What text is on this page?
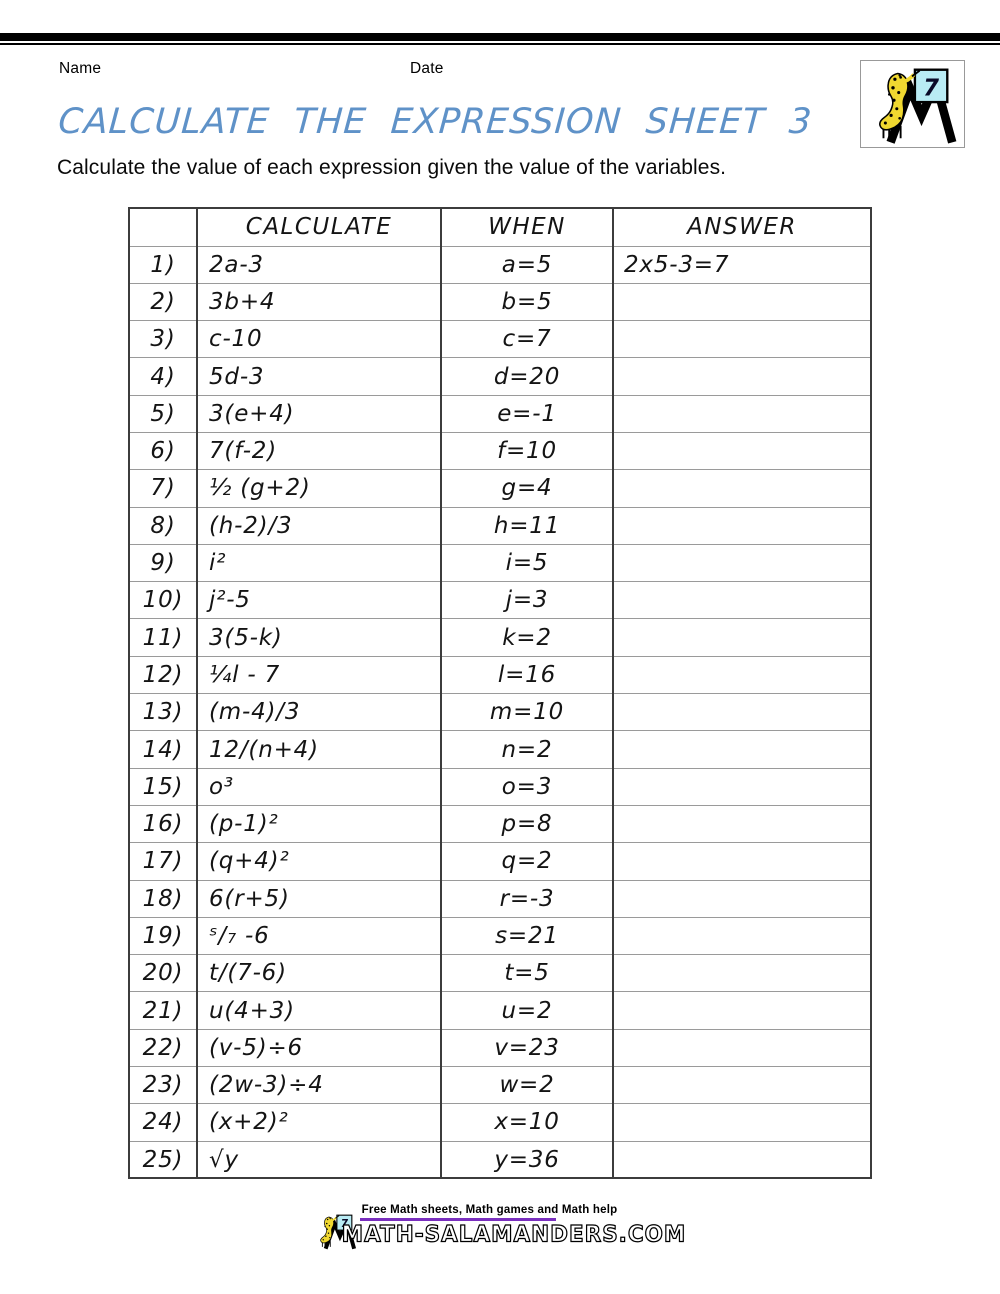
Name	Date
CALCULATE THE EXPRESSION SHEET 3

Calculate the value of each expression given the value of the variables.

	CALCULATE	WHEN	ANSWER
1)	2a-3	a=5	2x5-3=7
2)	3b+4	b=5	
3)	c-10	c=7	
4)	5d-3	d=20	
5)	3(e+4)	e=-1	
6)	7(f-2)	f=10	
7)	½ (g+2)	g=4	
8)	(h-2)/3	h=11	
9)	i²	i=5	
10)	j²-5	j=3	
11)	3(5-k)	k=2	
12)	¼l - 7	l=16	
13)	(m-4)/3	m=10	
14)	12/(n+4)	n=2	
15)	o³	o=3	
16)	(p-1)²	p=8	
17)	(q+4)²	q=2	
18)	6(r+5)	r=-3	
19)	ˢ/₇ -6	s=21	
20)	t/(7-6)	t=5	
21)	u(4+3)	u=2	
22)	(v-5)÷6	v=23	
23)	(2w-3)÷4	w=2	
24)	(x+2)²	x=10	
25)	√y	y=36	
Free Math sheets, Math games and Math help
MATH-SALAMANDERS.COM
